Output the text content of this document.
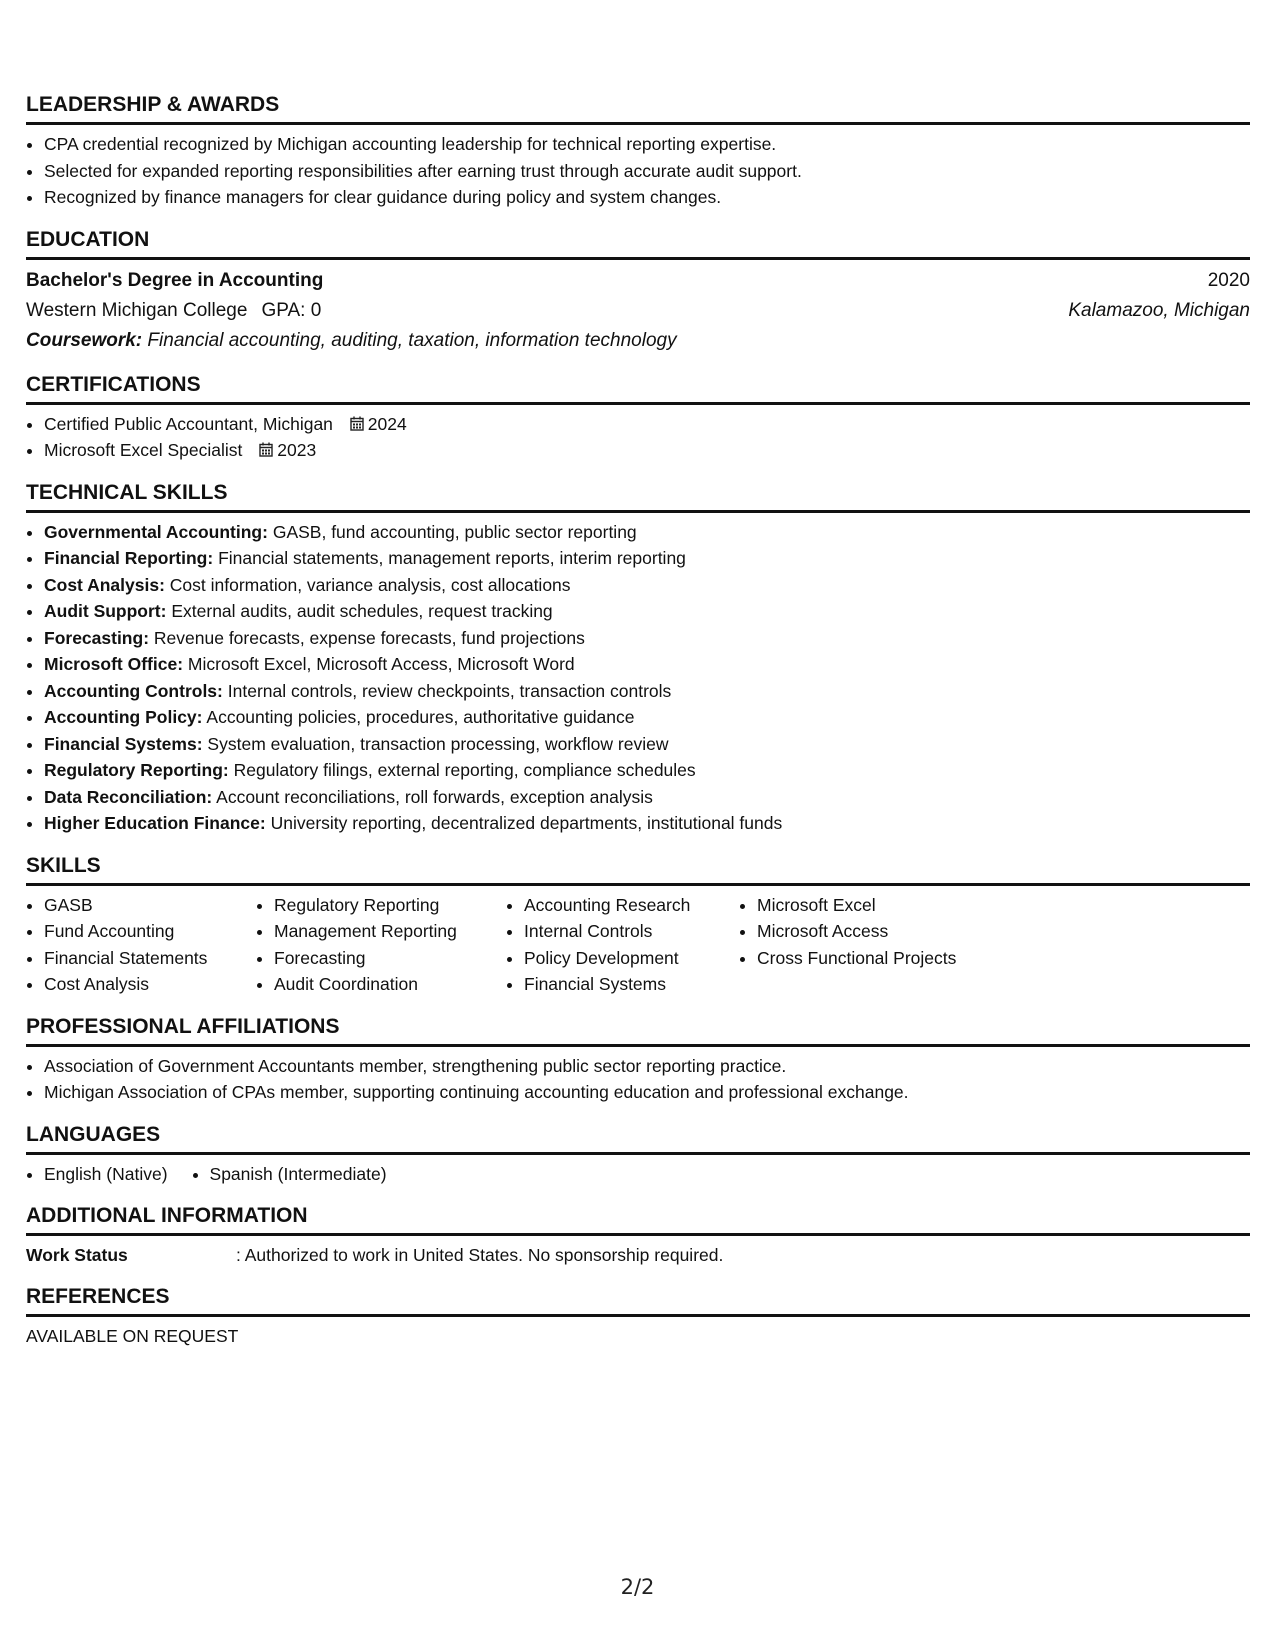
LEADERSHIP & AWARDS
• CPA credential recognized by Michigan accounting leadership for technical reporting expertise.
• Selected for expanded reporting responsibilities after earning trust through accurate audit support.
• Recognized by finance managers for clear guidance during policy and system changes.
EDUCATION
Bachelor's Degree in Accounting	2020
Western Michigan College GPA: 0	Kalamazoo, Michigan
Coursework: Financial accounting, auditing, taxation, information technology
CERTIFICATIONS
• Certified Public Accountant, Michigan 2024
• Microsoft Excel Specialist 2023
TECHNICAL SKILLS
• Governmental Accounting: GASB, fund accounting, public sector reporting
• Financial Reporting: Financial statements, management reports, interim reporting
• Cost Analysis: Cost information, variance analysis, cost allocations
• Audit Support: External audits, audit schedules, request tracking
• Forecasting: Revenue forecasts, expense forecasts, fund projections
• Microsoft Office: Microsoft Excel, Microsoft Access, Microsoft Word
• Accounting Controls: Internal controls, review checkpoints, transaction controls
• Accounting Policy: Accounting policies, procedures, authoritative guidance
• Financial Systems: System evaluation, transaction processing, workflow review
• Regulatory Reporting: Regulatory filings, external reporting, compliance schedules
• Data Reconciliation: Account reconciliations, roll forwards, exception analysis
• Higher Education Finance: University reporting, decentralized departments, institutional funds
SKILLS
• GASB
• Fund Accounting
• Financial Statements
• Cost Analysis
• Regulatory Reporting
• Management Reporting
• Forecasting
• Audit Coordination
• Accounting Research
• Internal Controls
• Policy Development
• Financial Systems
• Microsoft Excel
• Microsoft Access
• Cross Functional Projects
PROFESSIONAL AFFILIATIONS
• Association of Government Accountants member, strengthening public sector reporting practice.
• Michigan Association of CPAs member, supporting continuing accounting education and professional exchange.
LANGUAGES
• English (Native)
• Spanish (Intermediate)
ADDITIONAL INFORMATION
Work Status	: Authorized to work in United States. No sponsorship required.
REFERENCES
AVAILABLE ON REQUEST
2/2
